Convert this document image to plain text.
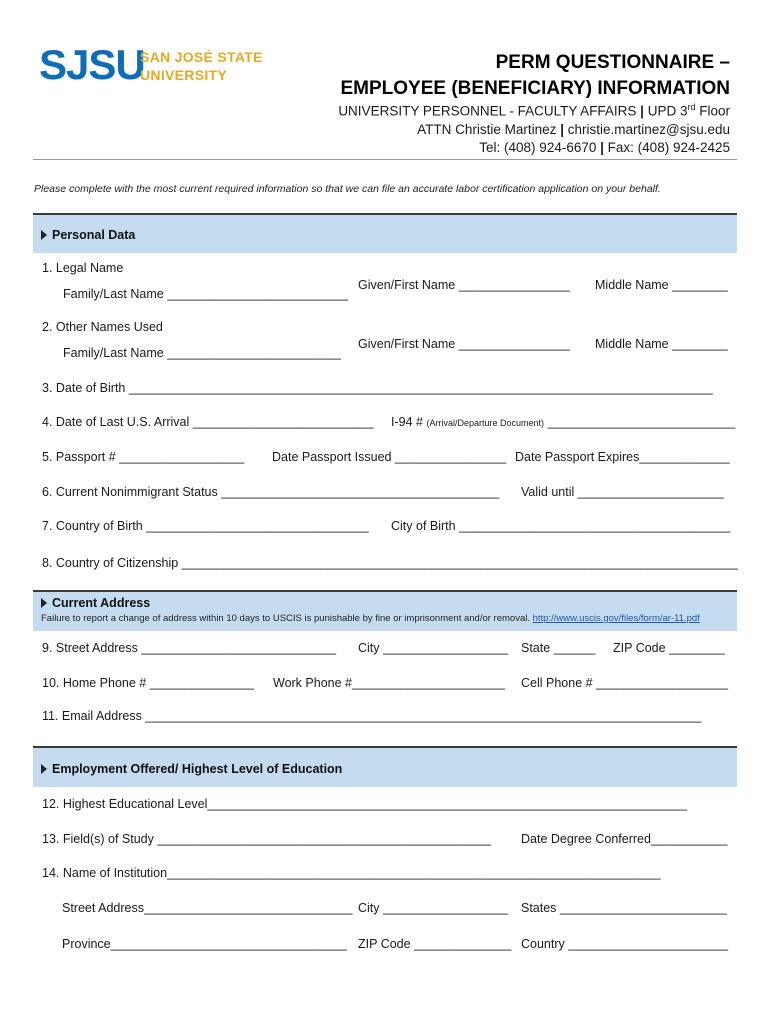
SJSU
SAN JOSÉ STATE
UNIVERSITY
PERM QUESTIONNAIRE –
EMPLOYEE (BENEFICIARY) INFORMATION
UNIVERSITY PERSONNEL - FACULTY AFFAIRS | UPD 3rd Floor
ATTN Christie Martinez | christie.martinez@sjsu.edu
Tel: (408) 924-6670 | Fax: (408) 924-2425
Please complete with the most current required information so that we can file an accurate labor certification application on your behalf.
Personal Data
1. Legal Name
Family/Last Name __________________________
Given/First Name ________________ Middle Name ________
2. Other Names Used
Family/Last Name _________________________
Given/First Name ________________ Middle Name ________
3. Date of Birth ____________________________________________________________________________________
4. Date of Last U.S. Arrival __________________________ I-94 # (Arrival/Departure Document) ___________________________
5. Passport # __________________ Date Passport Issued ________________ Date Passport Expires_____________
6. Current Nonimmigrant Status ________________________________________ Valid until _____________________
7. Country of Birth ________________________________ City of Birth _______________________________________
8. Country of Citizenship ________________________________________________________________________________
Current Address
Failure to report a change of address within 10 days to USCIS is punishable by fine or imprisonment and/or removal. http://www.uscis.gov/files/form/ar-11.pdf
9. Street Address ____________________________ City __________________ State ______ ZIP Code ________
10. Home Phone # _______________ Work Phone #______________________ Cell Phone # ___________________
11. Email Address ________________________________________________________________________________
Employment Offered/ Highest Level of Education
12. Highest Educational Level_____________________________________________________________________
13. Field(s) of Study ________________________________________________ Date Degree Conferred___________
14. Name of Institution_______________________________________________________________________
Street Address______________________________ City __________________ States ________________________
Province__________________________________ ZIP Code ______________ Country _______________________
